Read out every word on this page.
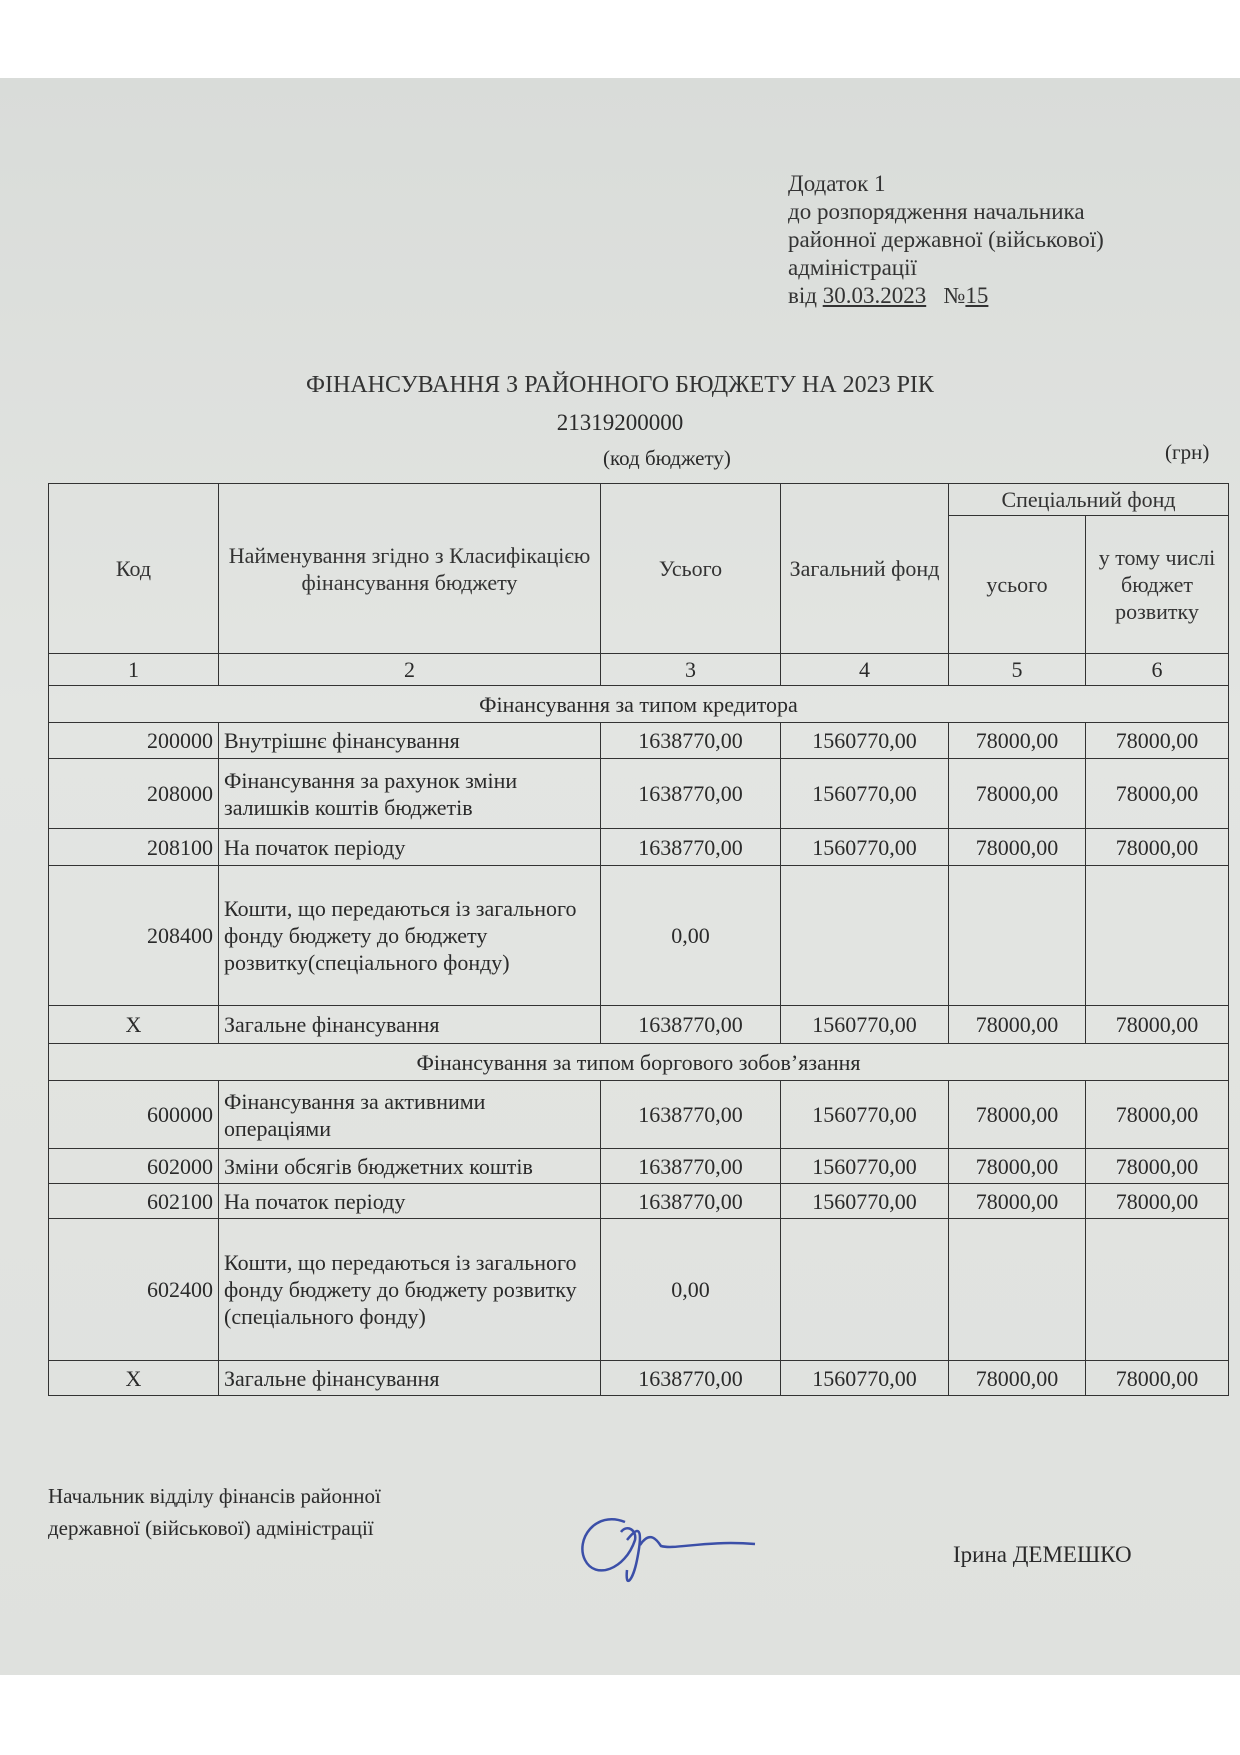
Додаток 1
до розпорядження начальника
районної державної (військової)
адміністрації
від 30.03.2023 №15
ФІНАНСУВАННЯ З РАЙОННОГО БЮДЖЕТУ НА 2023 РІК
21319200000
(код бюджету)	(грн)
Код	Найменування згідно з Класифікацією фінансування бюджету	Усього	Загальний фонд	Спеціальний фонд	
				усього	у тому числі бюджет розвитку
1	2	3	4	5	6
Фінансування за типом кредитора					
200000	Внутрішнє фінансування	1638770,00	1560770,00	78000,00	78000,00
208000	Фінансування за рахунок зміни залишків коштів бюджетів	1638770,00	1560770,00	78000,00	78000,00
208100	На початок періоду	1638770,00	1560770,00	78000,00	78000,00
208400	Кошти, що передаються із загального фонду бюджету до бюджету розвитку(спеціального фонду)	0,00			
X	Загальне фінансування	1638770,00	1560770,00	78000,00	78000,00
Фінансування за типом боргового зобов’язання					
600000	Фінансування за активними операціями	1638770,00	1560770,00	78000,00	78000,00
602000	Зміни обсягів бюджетних коштів	1638770,00	1560770,00	78000,00	78000,00
602100	На початок періоду	1638770,00	1560770,00	78000,00	78000,00
602400	Кошти, що передаються із загального фонду бюджету до бюджету розвитку (спеціального фонду)	0,00			
X	Загальне фінансування	1638770,00	1560770,00	78000,00	78000,00
Начальник відділу фінансів районної
державної (військової) адміністрації
Ірина ДЕМЕШКО
